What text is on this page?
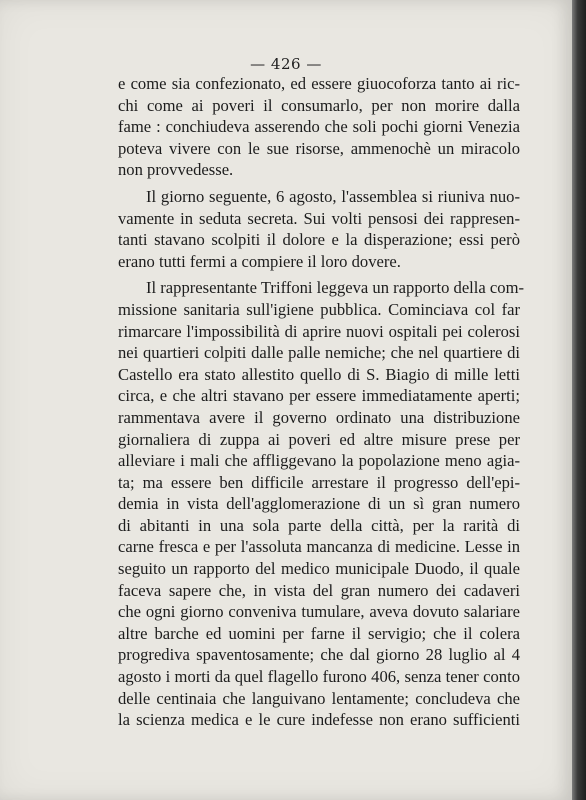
— 426 —
e come sia confezionato, ed essere giuocoforza tanto ai ric-
chi come ai poveri il consumarlo, per non morire dalla
fame : conchiudeva asserendo che soli pochi giorni Venezia
poteva vivere con le sue risorse, ammenochè un miracolo
non provvedesse.
Il giorno seguente, 6 agosto, l'assemblea si riuniva nuo-
vamente in seduta secreta. Sui volti pensosi dei rappresen-
tanti stavano scolpiti il dolore e la disperazione; essi però
erano tutti fermi a compiere il loro dovere.
Il rappresentante Triffoni leggeva un rapporto della com-
missione sanitaria sull'igiene pubblica. Cominciava col far
rimarcare l'impossibilità di aprire nuovi ospitali pei colerosi
nei quartieri colpiti dalle palle nemiche; che nel quartiere di
Castello era stato allestito quello di S. Biagio di mille letti
circa, e che altri stavano per essere immediatamente aperti;
rammentava avere il governo ordinato una distribuzione
giornaliera di zuppa ai poveri ed altre misure prese per
alleviare i mali che affliggevano la popolazione meno agia-
ta; ma essere ben difficile arrestare il progresso dell'epi-
demia in vista dell'agglomerazione di un sì gran numero
di abitanti in una sola parte della città, per la rarità di
carne fresca e per l'assoluta mancanza di medicine. Lesse in
seguito un rapporto del medico municipale Duodo, il quale
faceva sapere che, in vista del gran numero dei cadaveri
che ogni giorno conveniva tumulare, aveva dovuto salariare
altre barche ed uomini per farne il servigio; che il colera
progrediva spaventosamente; che dal giorno 28 luglio al 4
agosto i morti da quel flagello furono 406, senza tener conto
delle centinaia che languivano lentamente; concludeva che
la scienza medica e le cure indefesse non erano sufficienti
